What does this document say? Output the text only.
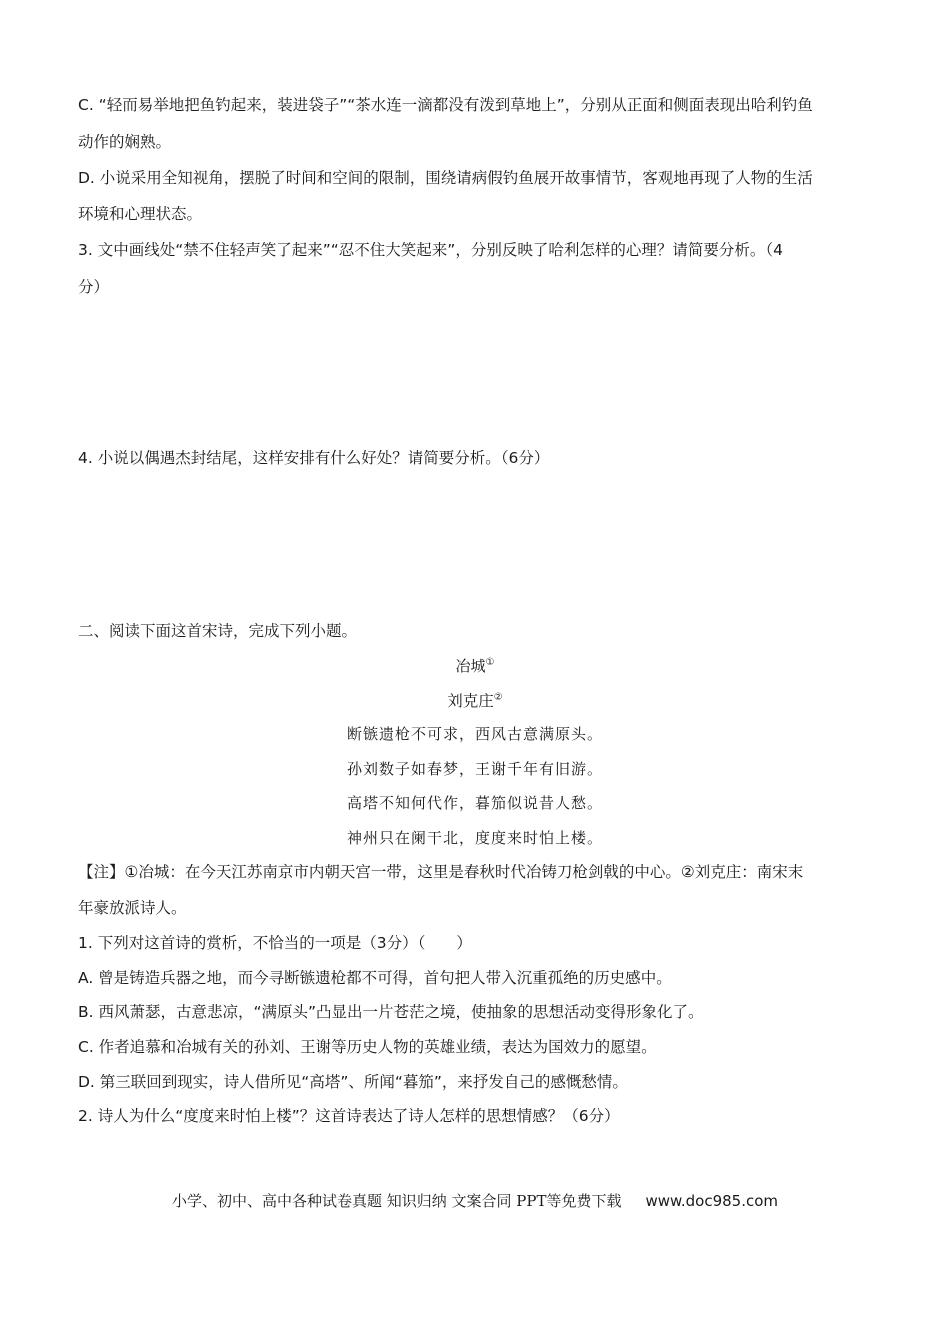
C. “轻而易举地把鱼钓起来，装进袋子”“茶水连一滴都没有泼到草地上”，分别从正面和侧面表现出哈利钓鱼
动作的娴熟。
D. 小说采用全知视角，摆脱了时间和空间的限制，围绕请病假钓鱼展开故事情节，客观地再现了人物的生活
环境和心理状态。
3. 文中画线处“禁不住轻声笑了起来”“忍不住大笑起来”，分别反映了哈利怎样的心理？请简要分析。（4
分）
4. 小说以偶遇杰封结尾，这样安排有什么好处？请简要分析。（6分）
二、阅读下面这首宋诗，完成下列小题。
冶城①
刘克庄②
断镞遗枪不可求，西风古意满原头。
孙刘数子如春梦，王谢千年有旧游。
高塔不知何代作，暮笳似说昔人愁。
神州只在阑干北，度度来时怕上楼。
【注】①冶城：在今天江苏南京市内朝天宫一带，这里是春秋时代冶铸刀枪剑戟的中心。②刘克庄：南宋末
年豪放派诗人。
1. 下列对这首诗的赏析，不恰当的一项是（3分）（　　）
A. 曾是铸造兵器之地，而今寻断镞遗枪都不可得，首句把人带入沉重孤绝的历史感中。
B. 西风萧瑟，古意悲凉，“满原头”凸显出一片苍茫之境，使抽象的思想活动变得形象化了。
C. 作者追慕和冶城有关的孙刘、王谢等历史人物的英雄业绩，表达为国效力的愿望。
D. 第三联回到现实，诗人借所见“高塔”、所闻“暮笳”，来抒发自己的感慨愁情。
2. 诗人为什么“度度来时怕上楼”？这首诗表达了诗人怎样的思想情感？（6分）
小学、初中、高中各种试卷真题 知识归纳 文案合同 PPT等免费下载 www.doc985.com
